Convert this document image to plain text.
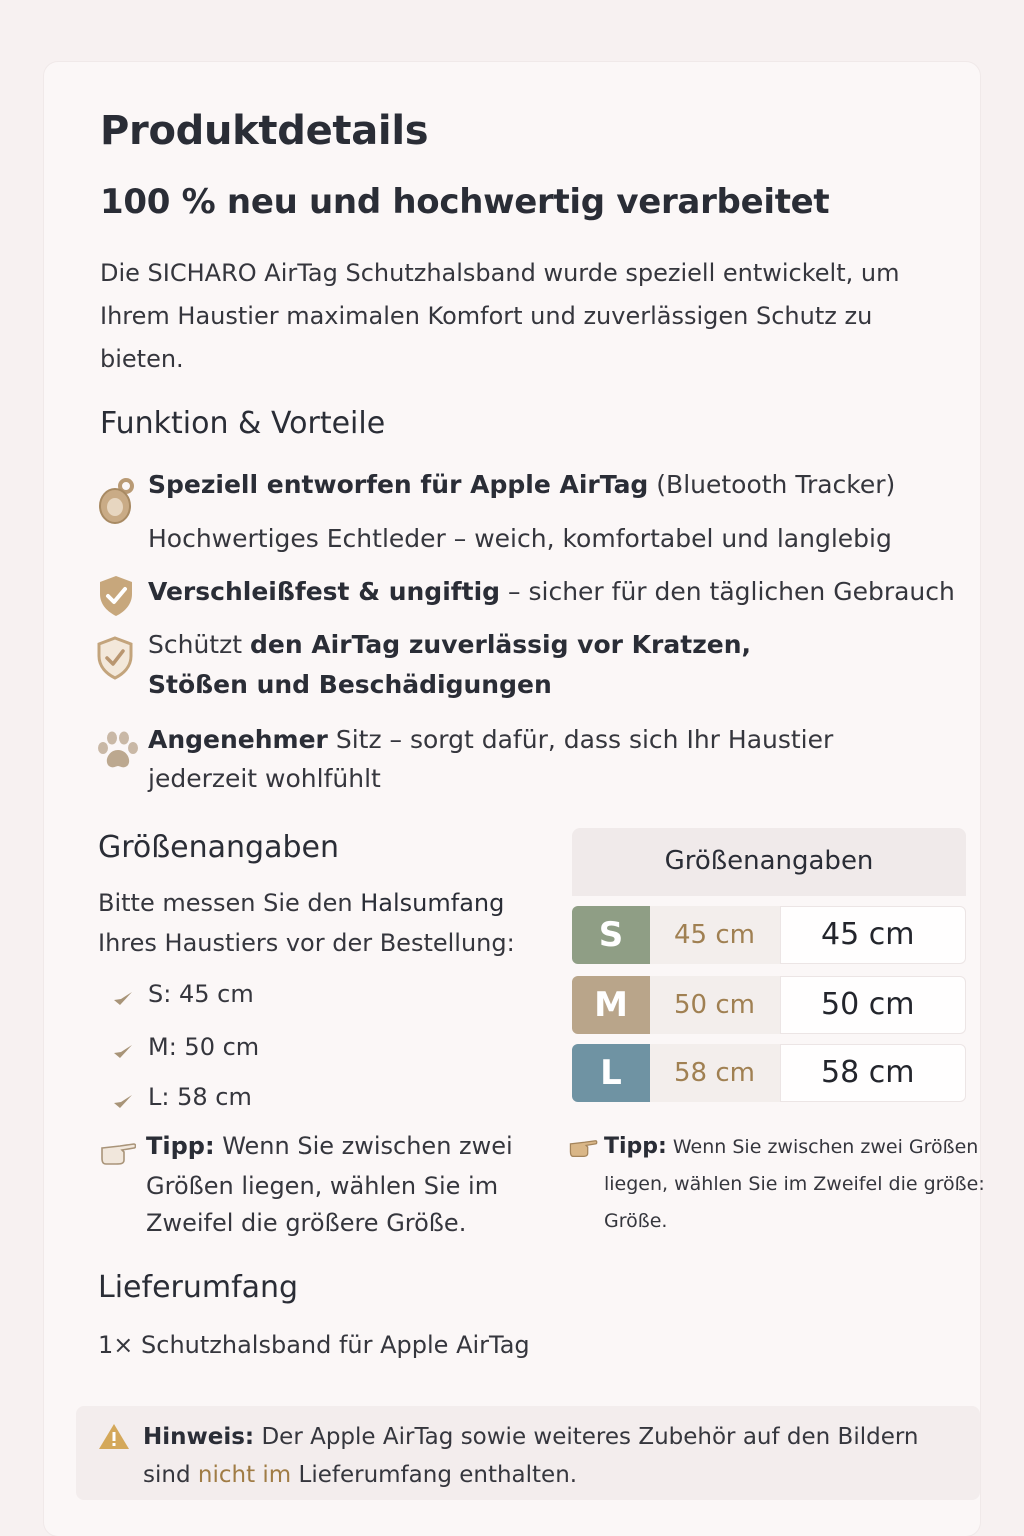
Produktdetails
100 % neu und hochwertig verarbeitet
Die SICHARO AirTag Schutzhalsband wurde speziell entwickelt, um Ihrem Haustier maximalen Komfort und zuverlässigen Schutz zu bieten.
Funktion & Vorteile
Speziell entworfen für Apple AirTag (Bluetooth Tracker)
Hochwertiges Echtleder – weich, komfortabel und langlebig
Verschleißfest & ungiftig – sicher für den täglichen Gebrauch
Schützt den AirTag zuverlässig vor Kratzen,
Stößen und Beschädigungen
Angenehmer Sitz – sorgt dafür, dass sich Ihr Haustier
jederzeit wohlfühlt
Größenangaben
Bitte messen Sie den Halsumfang
Ihres Haustiers vor der Bestellung:
S: 45 cm
M: 50 cm
L: 58 cm
Tipp: Wenn Sie zwischen zwei
Größen liegen, wählen Sie im
Zweifel die größere Größe.
Größenangaben
S	45 cm	45 cm
M	50 cm	50 cm
L	58 cm	58 cm
Tipp: Wenn Sie zwischen zwei Größen
liegen, wählen Sie im Zweifel die größe:
Größe.
Lieferumfang
1× Schutzhalsband für Apple AirTag
Hinweis: Der Apple AirTag sowie weiteres Zubehör auf den Bildern sind nicht im Lieferumfang enthalten.
